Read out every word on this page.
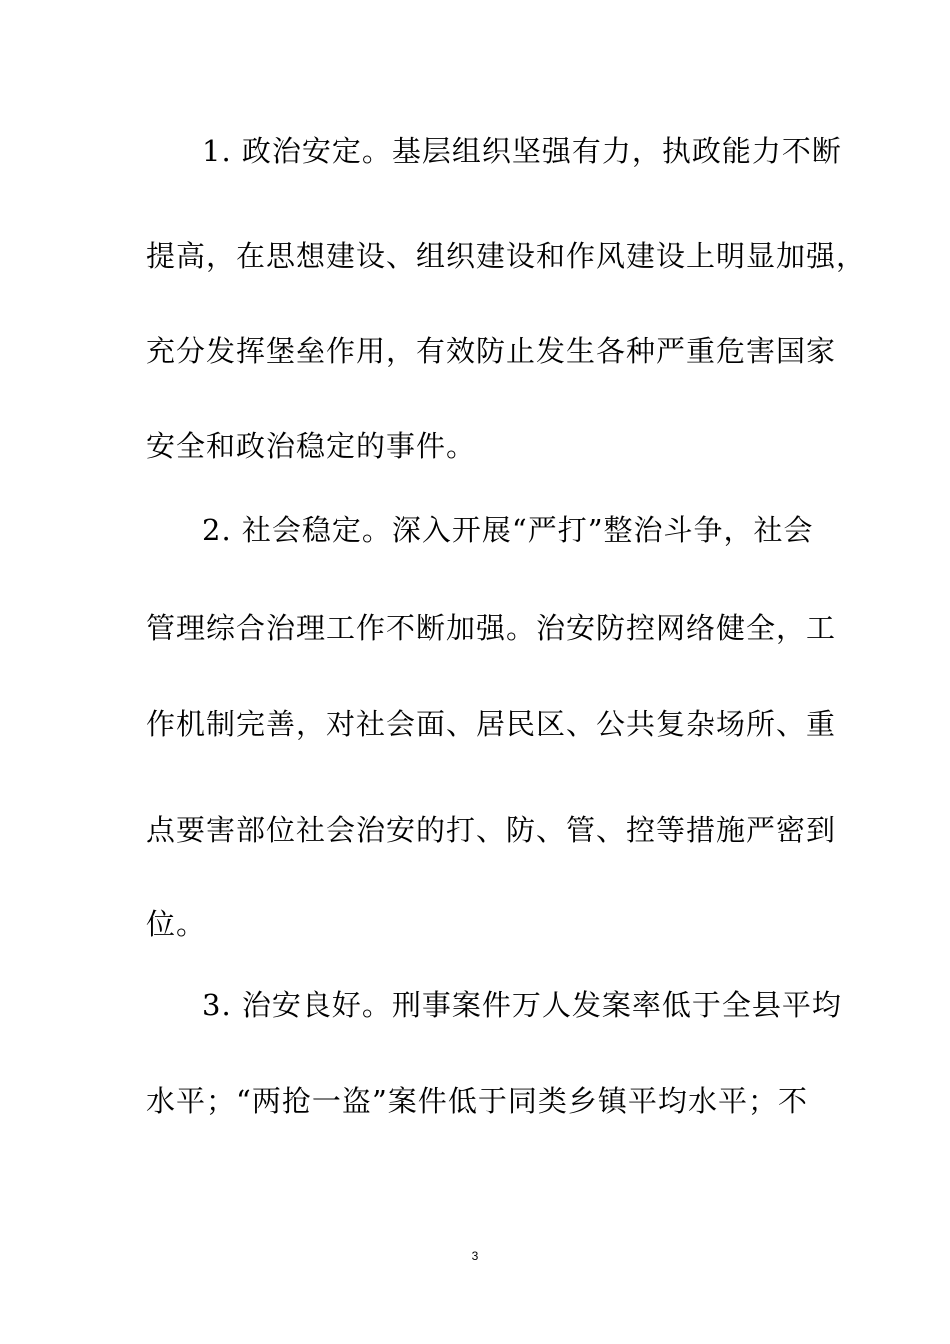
1. 政治安定。基层组织坚强有力，执政能力不断
提高，在思想建设、组织建设和作风建设上明显加强，
充分发挥堡垒作用，有效防止发生各种严重危害国家
安全和政治稳定的事件。
2. 社会稳定。深入开展“严打”整治斗争，社会
管理综合治理工作不断加强。治安防控网络健全，工
作机制完善，对社会面、居民区、公共复杂场所、重
点要害部位社会治安的打、防、管、控等措施严密到
位。
3. 治安良好。刑事案件万人发案率低于全县平均
水平；“两抢一盗”案件低于同类乡镇平均水平；不
3
